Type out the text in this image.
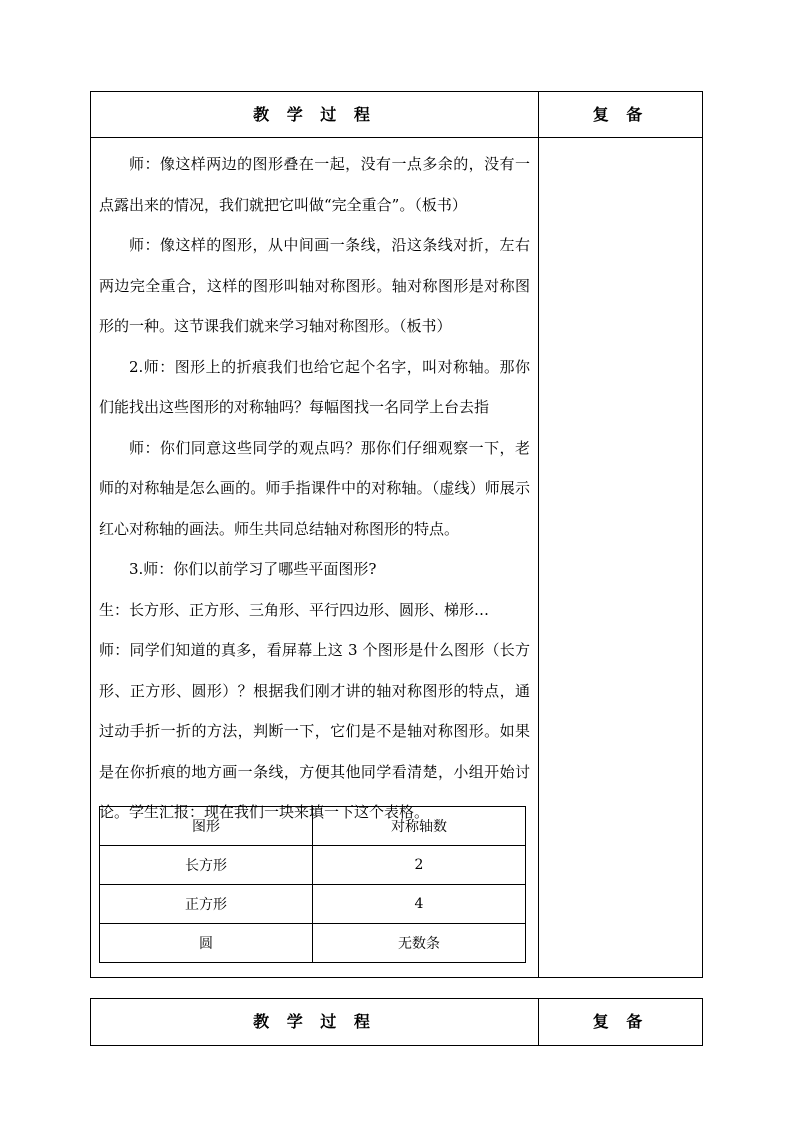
教 学 过 程	复 备

师：像这样两边的图形叠在一起，没有一点多余的，没有一点露出来的情况，我们就把它叫做“完全重合”。（板书）

师：像这样的图形，从中间画一条线，沿这条线对折，左右两边完全重合，这样的图形叫轴对称图形。轴对称图形是对称图形的一种。这节课我们就来学习轴对称图形。（板书）

2.师：图形上的折痕我们也给它起个名字，叫对称轴。那你们能找出这些图形的对称轴吗？每幅图找一名同学上台去指

师：你们同意这些同学的观点吗？那你们仔细观察一下，老师的对称轴是怎么画的。师手指课件中的对称轴。（虚线）师展示红心对称轴的画法。师生共同总结轴对称图形的特点。

3.师：你们以前学习了哪些平面图形?

生：长方形、正方形、三角形、平行四边形、圆形、梯形…

师：同学们知道的真多，看屏幕上这 3 个图形是什么图形（长方形、正方形、圆形）？根据我们刚才讲的轴对称图形的特点，通过动手折一折的方法，判断一下，它们是不是轴对称图形。如果是在你折痕的地方画一条线，方便其他同学看清楚，小组开始讨论。学生汇报：现在我们一块来填一下这个表格。

图形	对称轴数
长方形	2
正方形	4
圆	无数条
教 学 过 程	复 备
